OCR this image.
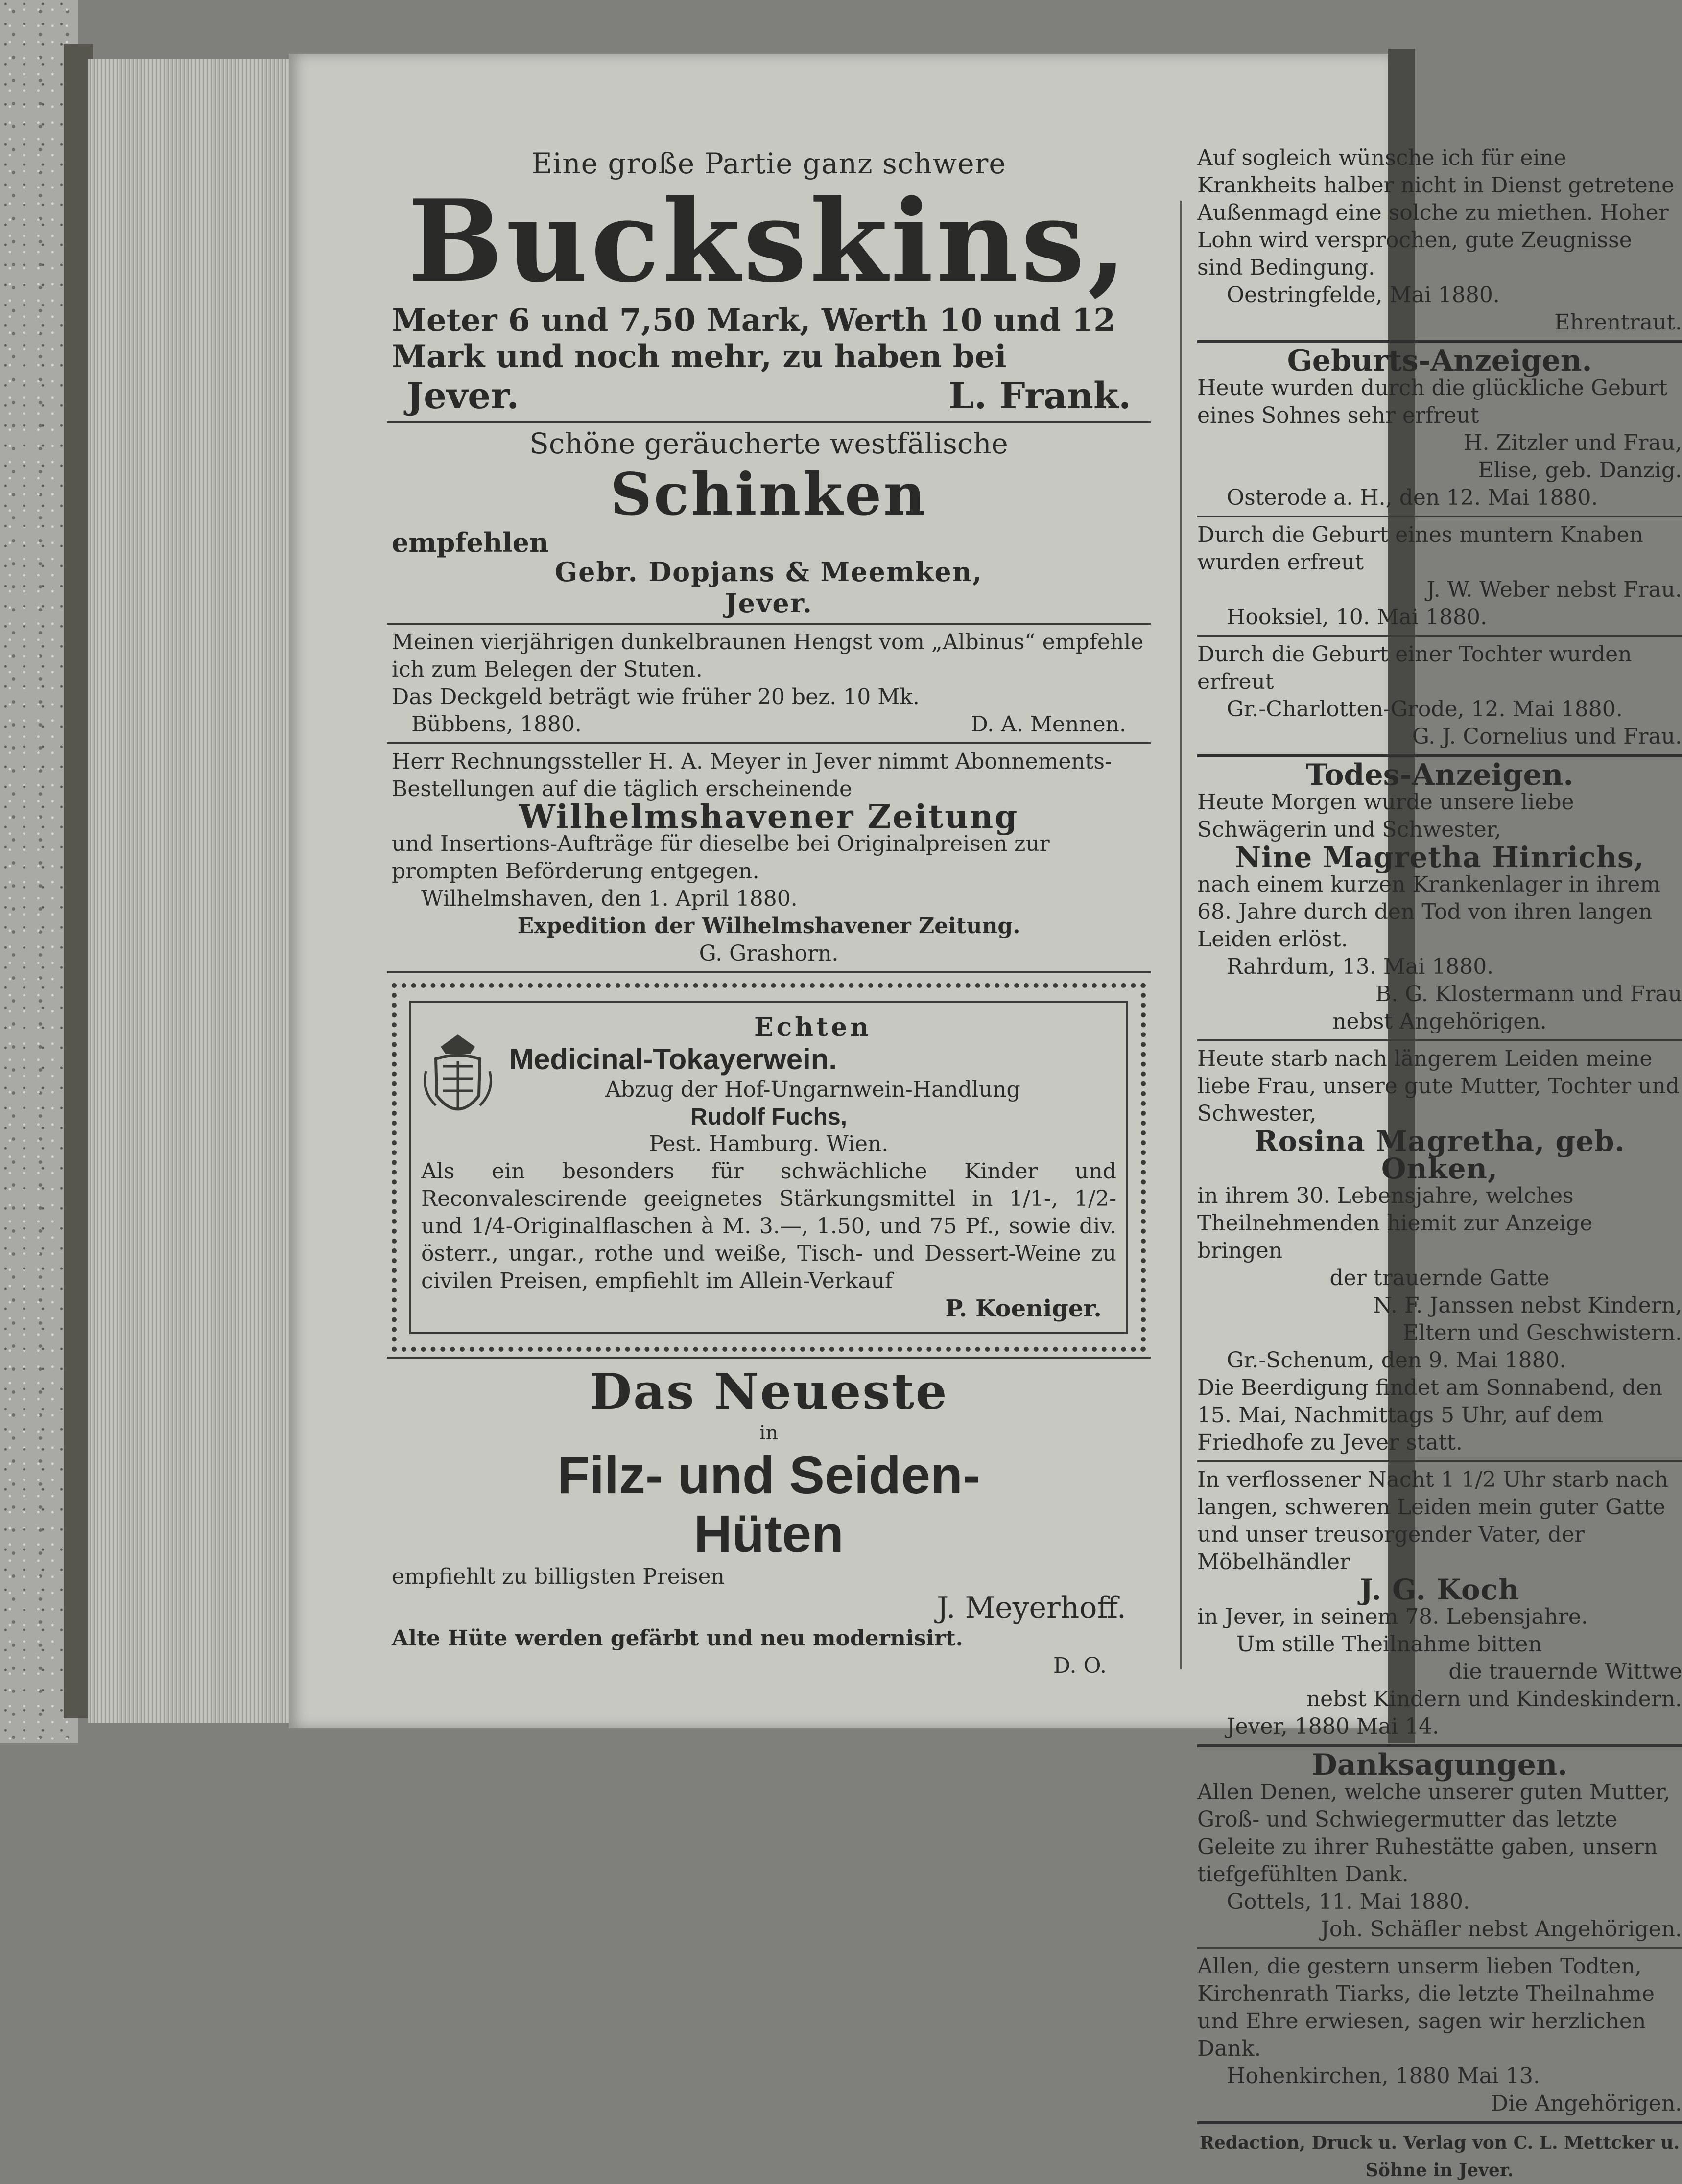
Eine große Partie ganz schwere
Buckskins,
Meter 6 und 7,50 Mark, Werth 10 und 12 Mark und noch mehr, zu haben bei
Jever.	L. Frank.
Schöne geräucherte westfälische
Schinken
empfehlen
Gebr. Dopjans & Meemken,
Jever.
Meinen vierjährigen dunkelbraunen Hengst vom „Albinus“ empfehle ich zum Belegen der Stuten.
Das Deckgeld beträgt wie früher 20 bez. 10 Mk.
Bübbens, 1880.	D. A. Mennen.
Herr Rechnungssteller H. A. Meyer in Jever nimmt Abonnements-Bestellungen auf die täglich erscheinende
Wilhelmshavener Zeitung
und Insertions-Aufträge für dieselbe bei Originalpreisen zur prompten Beförderung entgegen.
Wilhelmshaven, den 1. April 1880.
Expedition der Wilhelmshavener Zeitung.
G. Grashorn.
Echten
Medicinal-Tokayerwein.
Abzug der Hof-Ungarnwein-Handlung
Rudolf Fuchs,
Pest. Hamburg. Wien.
Als ein besonders für schwächliche Kinder und Reconvalescirende geeignetes Stärkungsmittel in 1/1-, 1/2- und 1/4-Originalflaschen à M. 3.—, 1.50, und 75 Pf., sowie div. österr., ungar., rothe und weiße, Tisch- und Dessert-Weine zu civilen Preisen, empfiehlt im Allein-Verkauf
P. Koeniger.
Das Neueste
in
Filz- und Seiden-
Hüten
empfiehlt zu billigsten Preisen
J. Meyerhoff.
Alte Hüte werden gefärbt und neu modernisirt.
D. O.
Auf sogleich wünsche ich für eine Krankheits halber nicht in Dienst getretene Außenmagd eine solche zu miethen. Hoher Lohn wird versprochen, gute Zeugnisse sind Bedingung.
Oestringfelde, Mai 1880.
Ehrentraut.
Geburts-Anzeigen.
Heute wurden durch die glückliche Geburt eines Sohnes sehr erfreut
H. Zitzler und Frau,
Elise, geb. Danzig.
Osterode a. H., den 12. Mai 1880.
Durch die Geburt eines muntern Knaben wurden erfreut
J. W. Weber nebst Frau.
Hooksiel, 10. Mai 1880.
Durch die Geburt einer Tochter wurden erfreut
Gr.-Charlotten-Grode, 12. Mai 1880.
G. J. Cornelius und Frau.
Todes-Anzeigen.
Heute Morgen wurde unsere liebe Schwägerin und Schwester,
Nine Magretha Hinrichs,
nach einem kurzen Krankenlager in ihrem 68. Jahre durch den Tod von ihren langen Leiden erlöst.
Rahrdum, 13. Mai 1880.
B. G. Klostermann und Frau
nebst Angehörigen.
Heute starb nach längerem Leiden meine liebe Frau, unsere gute Mutter, Tochter und Schwester,
Rosina Magretha, geb. Onken,
in ihrem 30. Lebensjahre, welches Theilnehmenden hiemit zur Anzeige bringen
der trauernde Gatte
N. F. Janssen nebst Kindern,
Eltern und Geschwistern.
Gr.-Schenum, den 9. Mai 1880.
Die Beerdigung findet am Sonnabend, den 15. Mai, Nachmittags 5 Uhr, auf dem Friedhofe zu Jever statt.
In verflossener Nacht 1 1/2 Uhr starb nach langen, schweren Leiden mein guter Gatte und unser treusorgender Vater, der Möbelhändler
J. G. Koch
in Jever, in seinem 78. Lebensjahre.
Um stille Theilnahme bitten
die trauernde Wittwe
nebst Kindern und Kindeskindern.
Jever, 1880 Mai 14.
Danksagungen.
Allen Denen, welche unserer guten Mutter, Groß- und Schwiegermutter das letzte Geleite zu ihrer Ruhestätte gaben, unsern tiefgefühlten Dank.
Gottels, 11. Mai 1880.
Joh. Schäfler nebst Angehörigen.
Allen, die gestern unserm lieben Todten, Kirchenrath Tiarks, die letzte Theilnahme und Ehre erwiesen, sagen wir herzlichen Dank.
Hohenkirchen, 1880 Mai 13.
Die Angehörigen.
Redaction, Druck u. Verlag von C. L. Mettcker u. Söhne in Jever.
